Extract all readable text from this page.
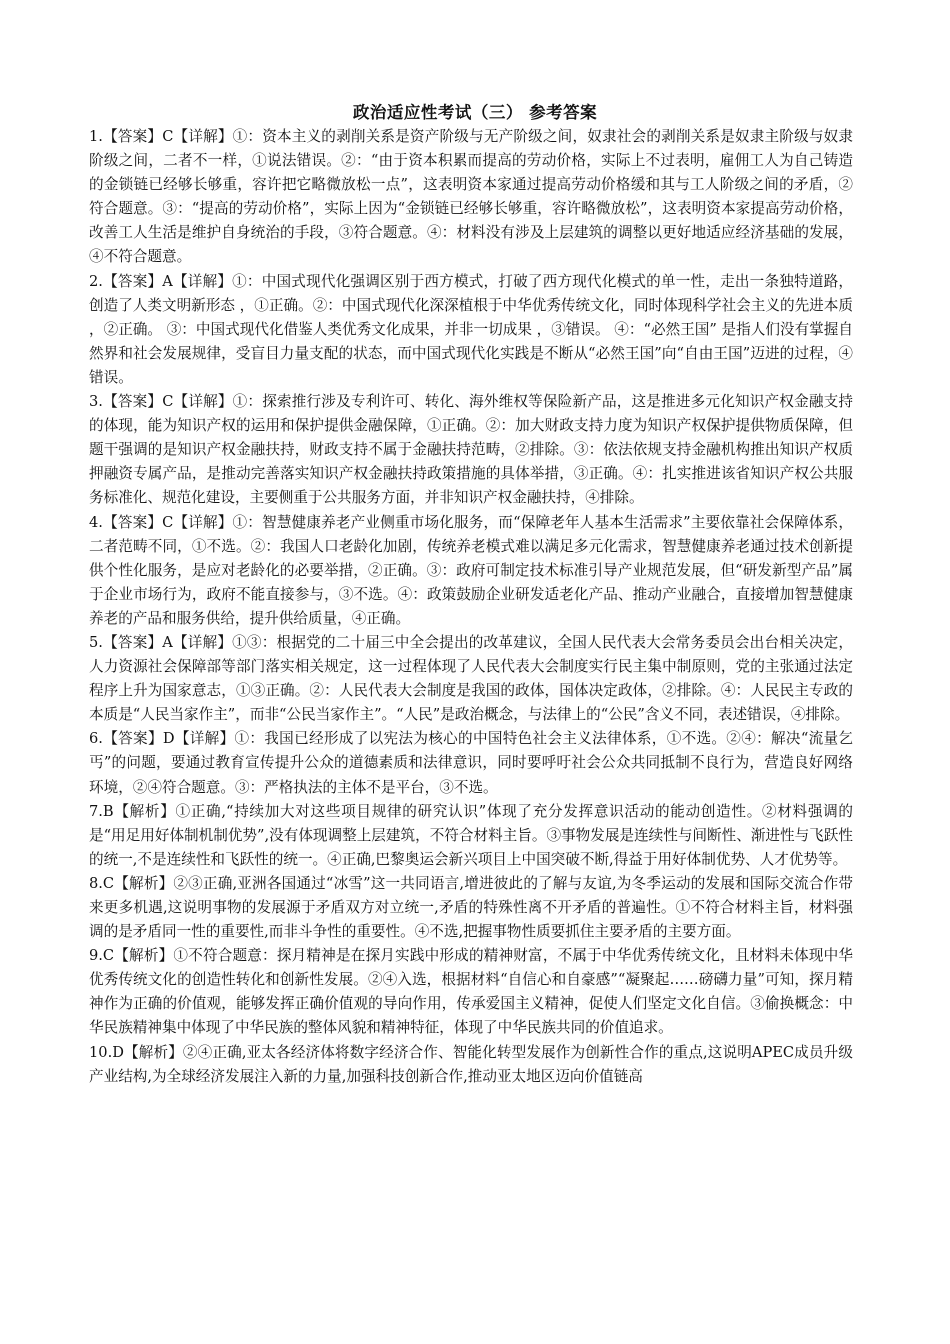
政治适应性考试（三） 参考答案

1.【答案】C【详解】①：资本主义的剥削关系是资产阶级与无产阶级之间，奴隶社会的剥削关系是奴隶主阶级与奴隶阶级之间，二者不一样，①说法错误。②：“由于资本积累而提高的劳动价格，实际上不过表明，雇佣工人为自己铸造的金锁链已经够长够重，容许把它略微放松一点”，这表明资本家通过提高劳动价格缓和其与工人阶级之间的矛盾，②符合题意。③：“提高的劳动价格”，实际上因为“金锁链已经够长够重，容许略微放松”，这表明资本家提高劳动价格，改善工人生活是维护自身统治的手段，③符合题意。④：材料没有涉及上层建筑的调整以更好地适应经济基础的发展，④不符合题意。

2.【答案】A【详解】①：中国式现代化强调区别于西方模式，打破了西方现代化模式的单一性，走出一条独特道路，创造了人类文明新形态 ，①正确。②：中国式现代化深深植根于中华优秀传统文化，同时体现科学社会主义的先进本质 ，②正确。 ③：中国式现代化借鉴人类优秀文化成果，并非一切成果 ，③错误。 ④：“必然王国” 是指人们没有掌握自然界和社会发展规律，受盲目力量支配的状态，而中国式现代化实践是不断从“必然王国”向“自由王国”迈进的过程，④错误。

3.【答案】C【详解】①：探索推行涉及专利许可、转化、海外维权等保险新产品，这是推进多元化知识产权金融支持的体现，能为知识产权的运用和保护提供金融保障，①正确。②：加大财政支持力度为知识产权保护提供物质保障，但题干强调的是知识产权金融扶持，财政支持不属于金融扶持范畴，②排除。③：依法依规支持金融机构推出知识产权质押融资专属产品，是推动完善落实知识产权金融扶持政策措施的具体举措，③正确。④：扎实推进该省知识产权公共服务标准化、规范化建设，主要侧重于公共服务方面，并非知识产权金融扶持，④排除。

4.【答案】C【详解】①：智慧健康养老产业侧重市场化服务，而“保障老年人基本生活需求”主要依靠社会保障体系，二者范畴不同，①不选。②：我国人口老龄化加剧，传统养老模式难以满足多元化需求，智慧健康养老通过技术创新提供个性化服务，是应对老龄化的必要举措，②正确。③：政府可制定技术标准引导产业规范发展，但“研发新型产品”属于企业市场行为，政府不能直接参与，③不选。④：政策鼓励企业研发适老化产品、推动产业融合，直接增加智慧健康养老的产品和服务供给，提升供给质量，④正确。

5.【答案】A【详解】①③：根据党的二十届三中全会提出的改革建议，全国人民代表大会常务委员会出台相关决定，人力资源社会保障部等部门落实相关规定，这一过程体现了人民代表大会制度实行民主集中制原则，党的主张通过法定程序上升为国家意志，①③正确。②：人民代表大会制度是我国的政体，国体决定政体，②排除。④：人民民主专政的本质是“人民当家作主”，而非“公民当家作主”。“人民”是政治概念，与法律上的“公民”含义不同，表述错误，④排除。

6.【答案】D【详解】①：我国已经形成了以宪法为核心的中国特色社会主义法律体系，①不选。②④：解决“流量乞丐”的问题，要通过教育宣传提升公众的道德素质和法律意识，同时要呼吁社会公众共同抵制不良行为，营造良好网络环境，②④符合题意。③：严格执法的主体不是平台，③不选。

7.B【解析】①正确,“持续加大对这些项目规律的研究认识”体现了充分发挥意识活动的能动创造性。②材料强调的是“用足用好体制机制优势”,没有体现调整上层建筑，不符合材料主旨。③事物发展是连续性与间断性、渐进性与飞跃性的统一,不是连续性和飞跃性的统一。④正确,巴黎奥运会新兴项目上中国突破不断,得益于用好体制优势、人才优势等。

8.C【解析】②③正确,亚洲各国通过“冰雪”这一共同语言,增进彼此的了解与友谊,为冬季运动的发展和国际交流合作带来更多机遇,这说明事物的发展源于矛盾双方对立统一,矛盾的特殊性离不开矛盾的普遍性。①不符合材料主旨，材料强调的是矛盾同一性的重要性,而非斗争性的重要性。④不选,把握事物性质要抓住主要矛盾的主要方面。

9.C【解析】①不符合题意：探月精神是在探月实践中形成的精神财富，不属于中华优秀传统文化，且材料未体现中华优秀传统文化的创造性转化和创新性发展。②④入选，根据材料“自信心和自豪感”“凝聚起……磅礴力量”可知，探月精神作为正确的价值观，能够发挥正确价值观的导向作用，传承爱国主义精神，促使人们坚定文化自信。③偷换概念：中华民族精神集中体现了中华民族的整体风貌和精神特征，体现了中华民族共同的价值追求。

10.D【解析】②④正确,亚太各经济体将数字经济合作、智能化转型发展作为创新性合作的重点,这说明APEC成员升级产业结构,为全球经济发展注入新的力量,加强科技创新合作,推动亚太地区迈向价值链高
